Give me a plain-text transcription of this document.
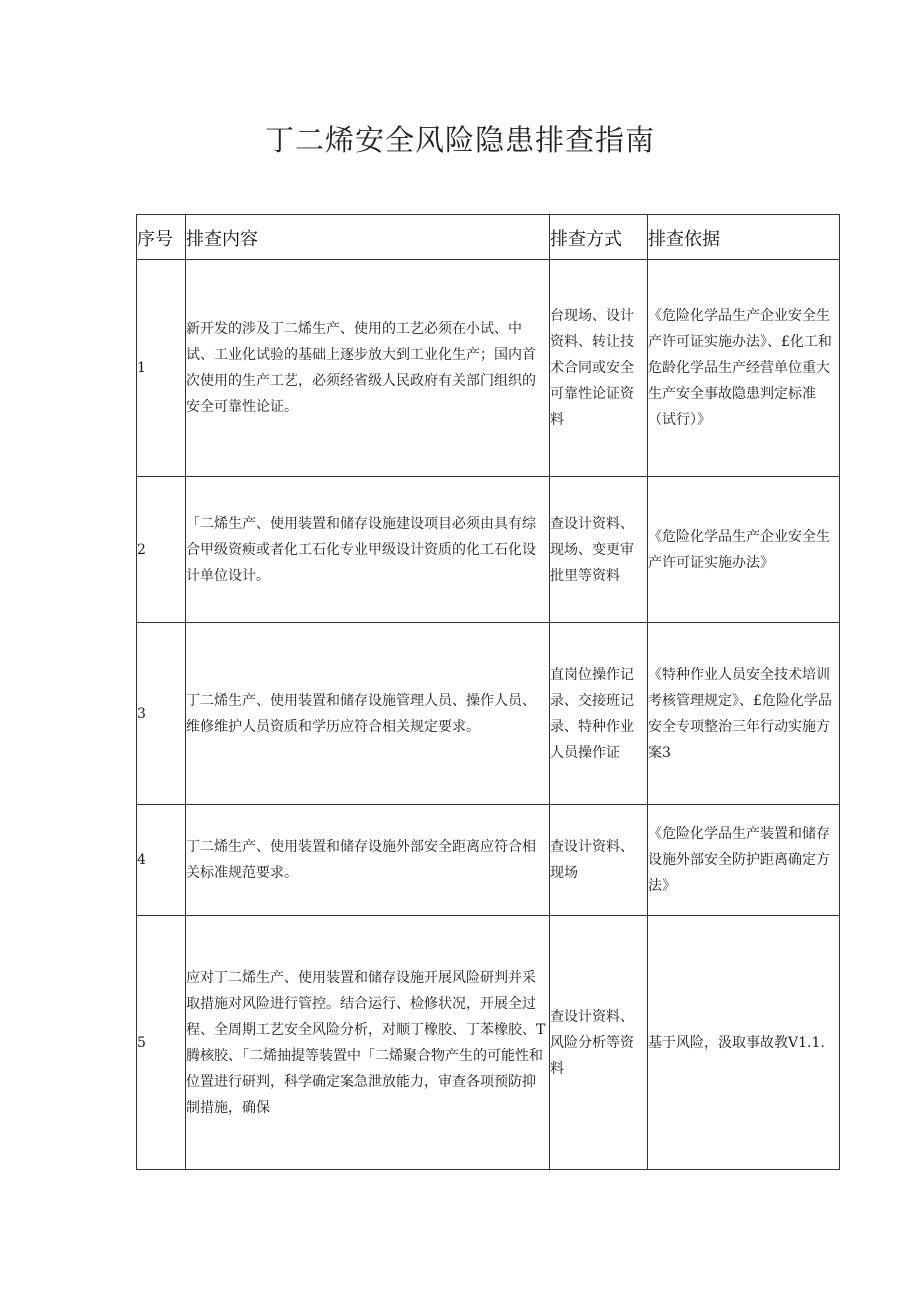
丁二烯安全风险隐患排查指南
序号	排查内容	排查方式	排查依据
1	新开发的涉及丁二烯生产、使用的工艺必须在小试、中试、工业化试验的基础上逐步放大到工业化生产；国内首次使用的生产工艺，必须经省级人民政府有关部门组织的安全可靠性论证。	台现场、设计资料、转让技术合同或安全可靠性论证资料	《危险化学品生产企业安全生产许可证实施办法》、£化工和危龄化学品生产经营单位重大生产安全事故隐患判定标准（试行）》
2	「二烯生产、使用装置和储存设施建设项目必须由具有综合甲级资瘐或者化工石化专业甲级设计资质的化工石化设计单位设计。	查设计资料、现场、变更审批里等资料	《危险化学品生产企业安全生产许可证实施办法》
3	丁二烯生产、使用装置和储存设施管理人员、操作人员、维修维护人员资质和学历应符合相关规定要求。	直岗位操作记录、交接班记录、特种作业人员操作证	《特种作业人员安全技术培训考核管理规定》、£危险化学品安全专项整治三年行动实施方案3
4	丁二烯生产、使用装置和储存设施外部安全距离应符合相关标准规范要求。	查设计资料、现场	《危险化学品生产装置和储存设施外部安全防护距离确定方法》
5	应对丁二烯生产、使用装置和储存设施开展风险研判并采取措施对风险进行管控。结合运行、检修状况，开展全过程、全周期工艺安全风险分析，对顺丁橡胶、丁苯橡胶、T腾核胶、「二烯抽提等装置中「二烯聚合物产生的可能性和位置进行研判，科学确定案急泄放能力，审查各项预防抑制措施，确保	查设计资料、风险分析等资料	基于风险，汲取事故教V1.1.
